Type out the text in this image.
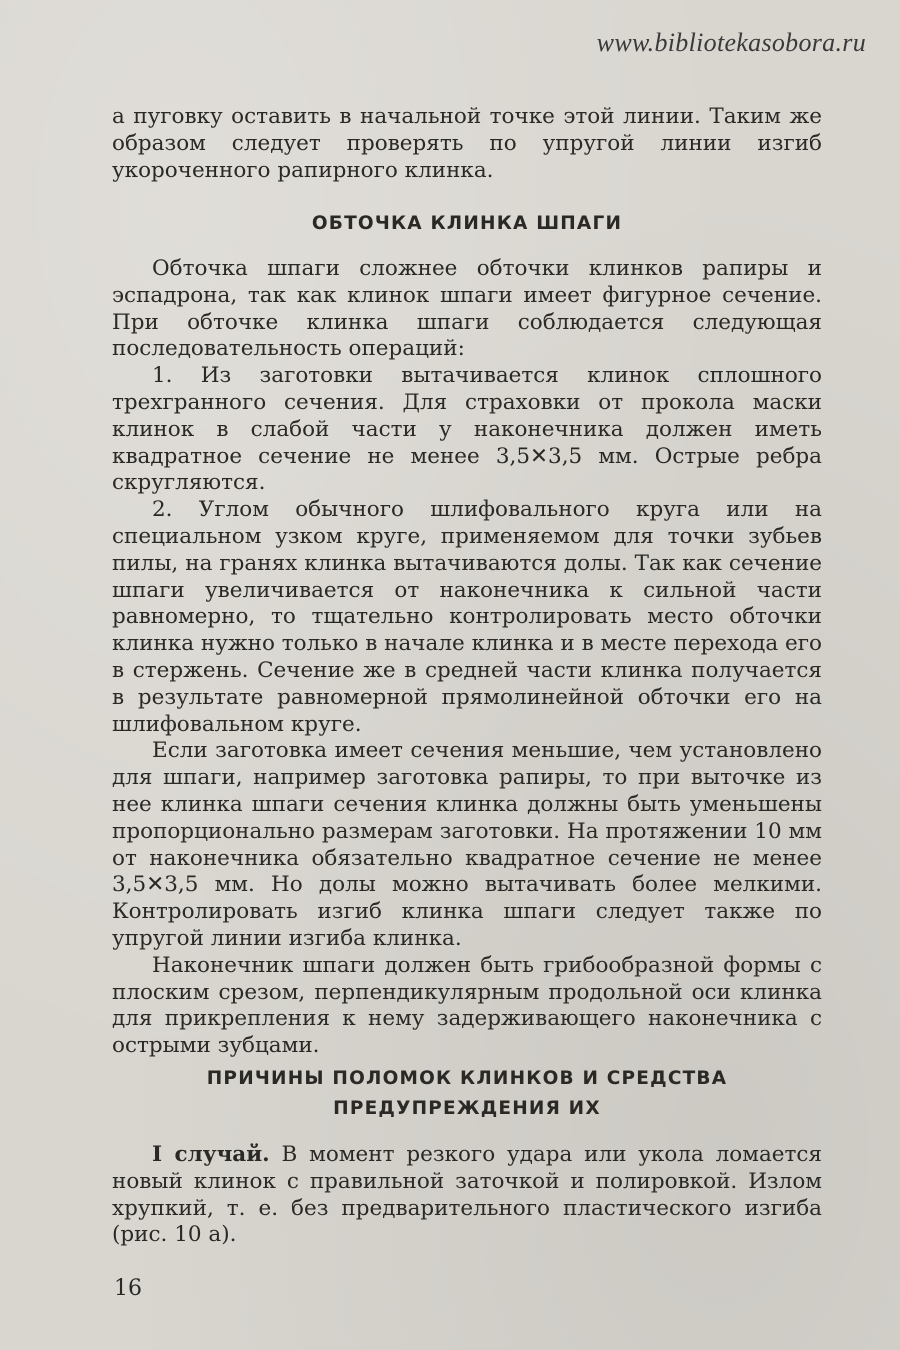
www.bibliotekasobora.ru

а пуговку оставить в начальной точке этой линии. Таким же образом следует проверять по упругой линии изгиб укороченного рапирного клинка.

ОБТОЧКА КЛИНКА ШПАГИ

Обточка шпаги сложнее обточки клинков рапиры и эспадрона, так как клинок шпаги имеет фигурное сечение. При обточке клинка шпаги соблюдается следующая последовательность операций:

1. Из заготовки вытачивается клинок сплошного трехгранного сечения. Для страховки от прокола маски клинок в слабой части у наконечника должен иметь квадратное сечение не менее 3,5✕3,5 мм. Острые ребра скругляются.

2. Углом обычного шлифовального круга или на специальном узком круге, применяемом для точки зубьев пилы, на гранях клинка вытачиваются долы. Так как сечение шпаги увеличивается от наконечника к сильной части равномерно, то тщательно контролировать место обточки клинка нужно только в начале клинка и в месте перехода его в стержень. Сечение же в средней части клинка получается в результате равномерной прямолинейной обточки его на шлифовальном круге.

Если заготовка имеет сечения меньшие, чем установлено для шпаги, например заготовка рапиры, то при выточке из нее клинка шпаги сечения клинка должны быть уменьшены пропорционально размерам заготовки. На протяжении 10 мм от наконечника обязательно квадратное сечение не менее 3,5✕3,5 мм. Но долы можно вытачивать более мелкими. Контролировать изгиб клинка шпаги следует также по упругой линии изгиба клинка.

Наконечник шпаги должен быть грибообразной формы с плоским срезом, перпендикулярным продольной оси клинка для прикрепления к нему задерживающего наконечника с острыми зубцами.

ПРИЧИНЫ ПОЛОМОК КЛИНКОВ И СРЕДСТВА
ПРЕДУПРЕЖДЕНИЯ ИХ

I случай. В момент резкого удара или укола ломается новый клинок с правильной заточкой и полировкой. Излом хрупкий, т. е. без предварительного пластического изгиба (рис. 10 а).

16
